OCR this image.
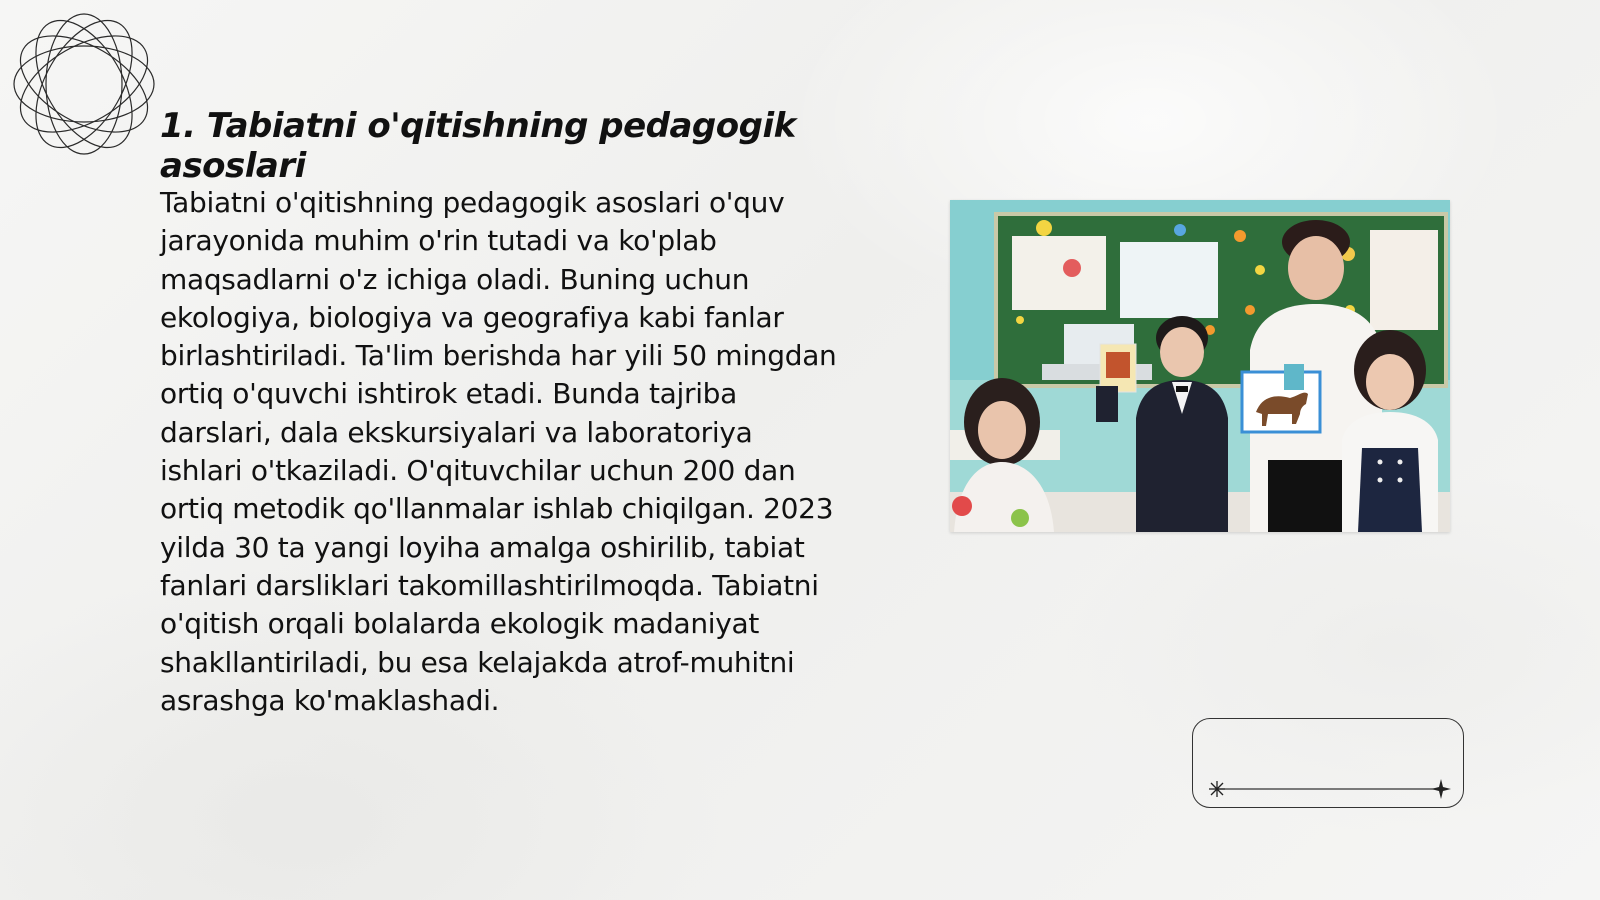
1. Tabiatni o'qitishning pedagogik asoslari

Tabiatni o'qitishning pedagogik asoslari o'quv jarayonida muhim o'rin tutadi va ko'plab maqsadlarni o'z ichiga oladi. Buning uchun ekologiya, biologiya va geografiya kabi fanlar birlashtiriladi. Ta'lim berishda har yili 50 mingdan ortiq o'quvchi ishtirok etadi. Bunda tajriba darslari, dala ekskursiyalari va laboratoriya ishlari o'tkaziladi. O'qituvchilar uchun 200 dan ortiq metodik qo'llanmalar ishlab chiqilgan. 2023 yilda 30 ta yangi loyiha amalga oshirilib, tabiat fanlari darsliklari takomillashtirilmoqda. Tabiatni o'qitish orqali bolalarda ekologik madaniyat shakllantiriladi, bu esa kelajakda atrof-muhitni asrashga ko'maklashadi.
